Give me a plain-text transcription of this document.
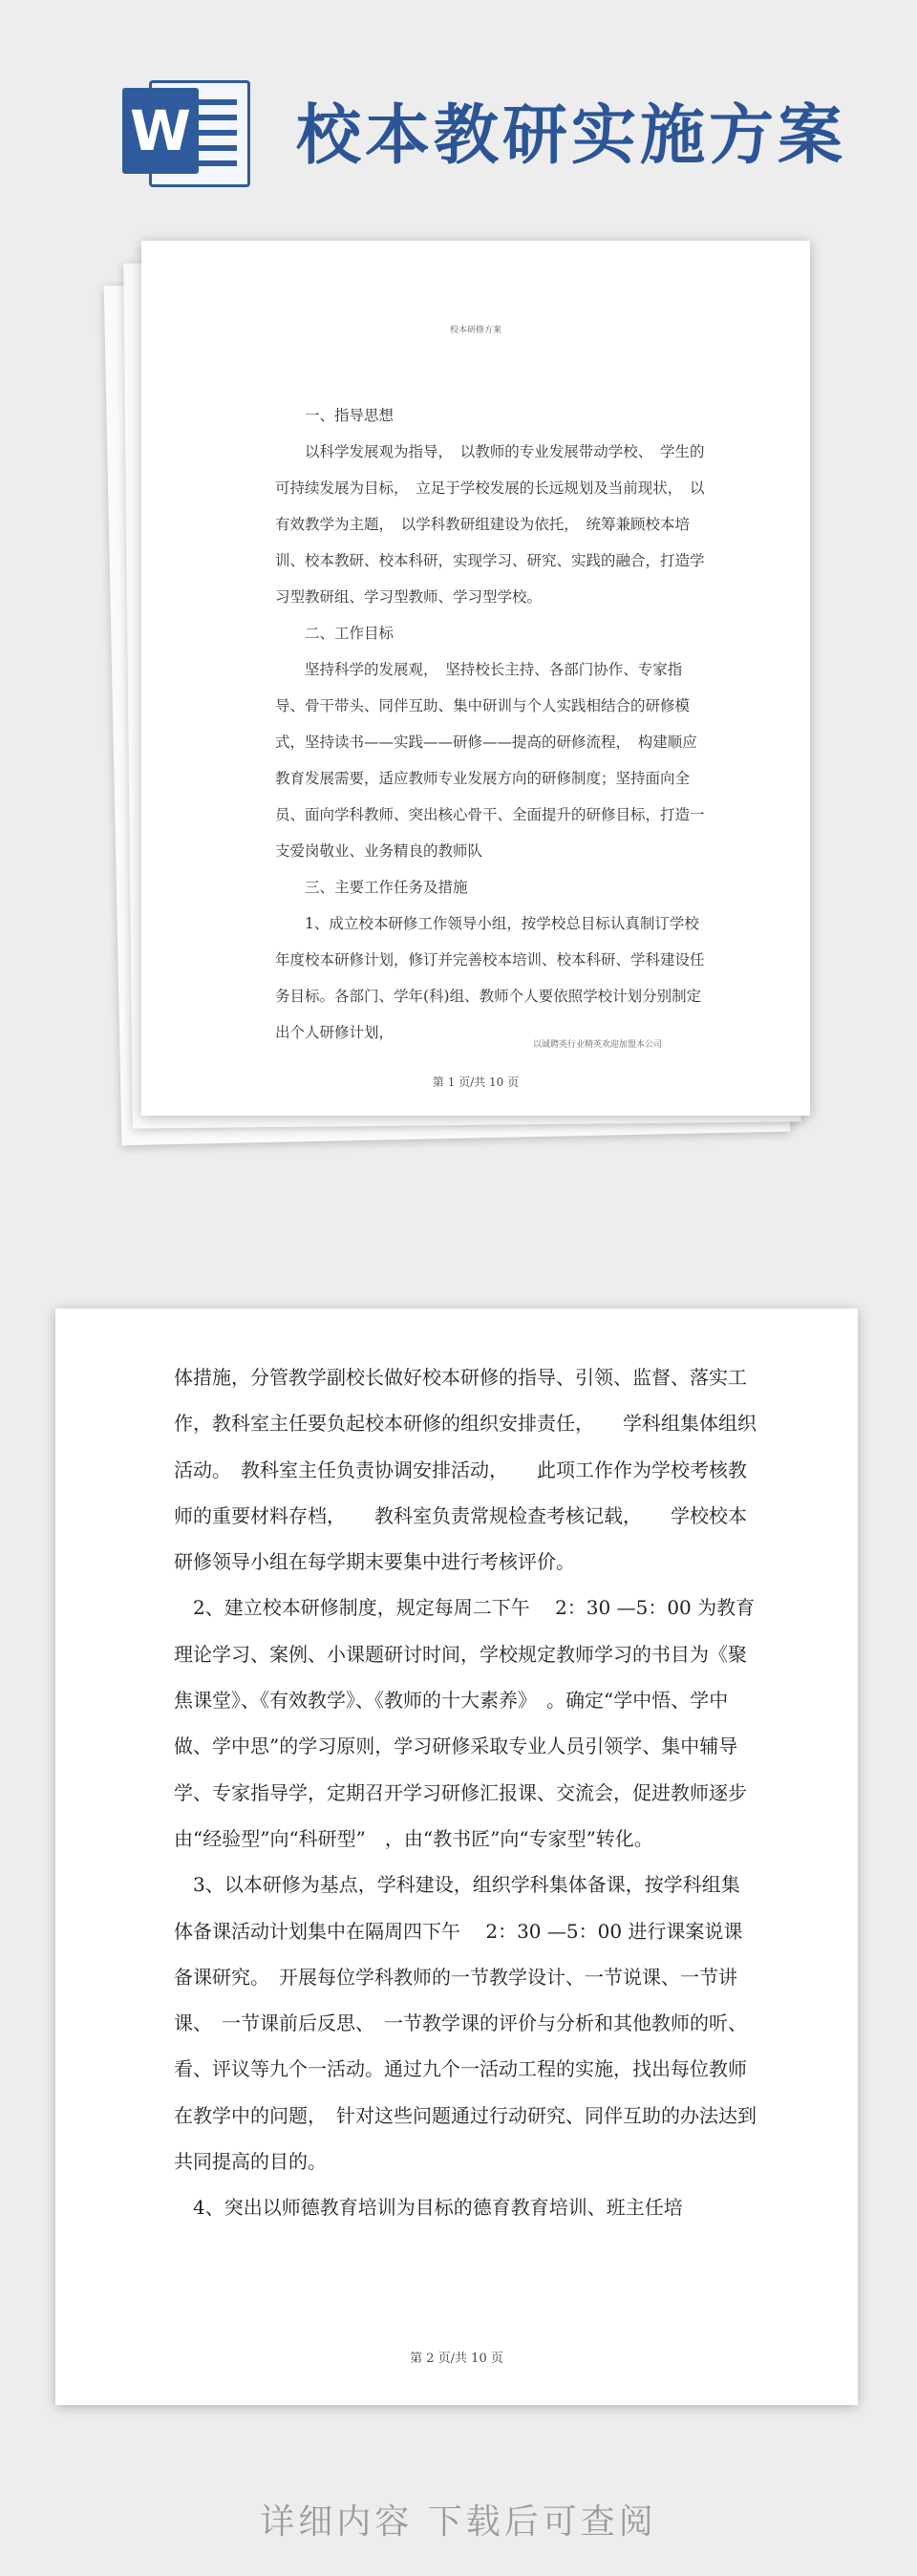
W 校本教研实施方案
校本研修方案

一、指导思想

以科学发展观为指导，　以教师的专业发展带动学校、　学生的可持续发展为目标，　立足于学校发展的长远规划及当前现状，　以有效教学为主题，　以学科教研组建设为依托，　统筹兼顾校本培训、校本教研、校本科研，实现学习、研究、实践的融合，打造学习型教研组、学习型教师、学习型学校。

二、工作目标

坚持科学的发展观，　坚持校长主持、各部门协作、专家指导、骨干带头、同伴互助、集中研训与个人实践相结合的研修模式，坚持读书——实践——研修——提高的研修流程，　构建顺应教育发展需要，适应教师专业发展方向的研修制度；坚持面向全员、面向学科教师、突出核心骨干、全面提升的研修目标，打造一支爱岗敬业、业务精良的教师队

三、主要工作任务及措施

1、成立校本研修工作领导小组，按学校总目标认真制订学校年度校本研修计划，修订并完善校本培训、校本科研、学科建设任务目标。各部门、学年(科)组、教师个人要依照学校计划分别制定出个人研修计划，

以诚聘英行业精英欢迎加盟本公司
第 1 页/共 10 页

体措施，分管教学副校长做好校本研修的指导、引领、监督、落实工作，教科室主任要负起校本研修的组织安排责任，　　学科组集体组织活动。　教科室主任负责协调安排活动，　　此项工作作为学校考核教师的重要材料存档，　　教科室负责常规检查考核记载，　　学校校本研修领导小组在每学期末要集中进行考核评价。

2、建立校本研修制度，规定每周二下午　 2：30 —5：00 为教育理论学习、案例、小课题研讨时间，学校规定教师学习的书目为《聚焦课堂》、《有效教学》、《教师的十大素养》　。确定“学中悟、学中做、学中思”的学习原则，学习研修采取专业人员引领学、集中辅导学、专家指导学，定期召开学习研修汇报课、交流会，促进教师逐步由“经验型”向“科研型”　，由“教书匠”向“专家型”转化。

3、以本研修为基点，学科建设，组织学科集体备课，按学科组集体备课活动计划集中在隔周四下午　 2：30 —5：00 进行课案说课备课研究。　开展每位学科教师的一节教学设计、一节说课、一节讲课、　一节课前后反思、　一节教学课的评价与分析和其他教师的听、看、评议等九个一活动。通过九个一活动工程的实施，找出每位教师在教学中的问题，　针对这些问题通过行动研究、同伴互助的办法达到共同提高的目的。

4、突出以师德教育培训为目标的德育教育培训、班主任培

第 2 页/共 10 页
详细内容 下载后可查阅
